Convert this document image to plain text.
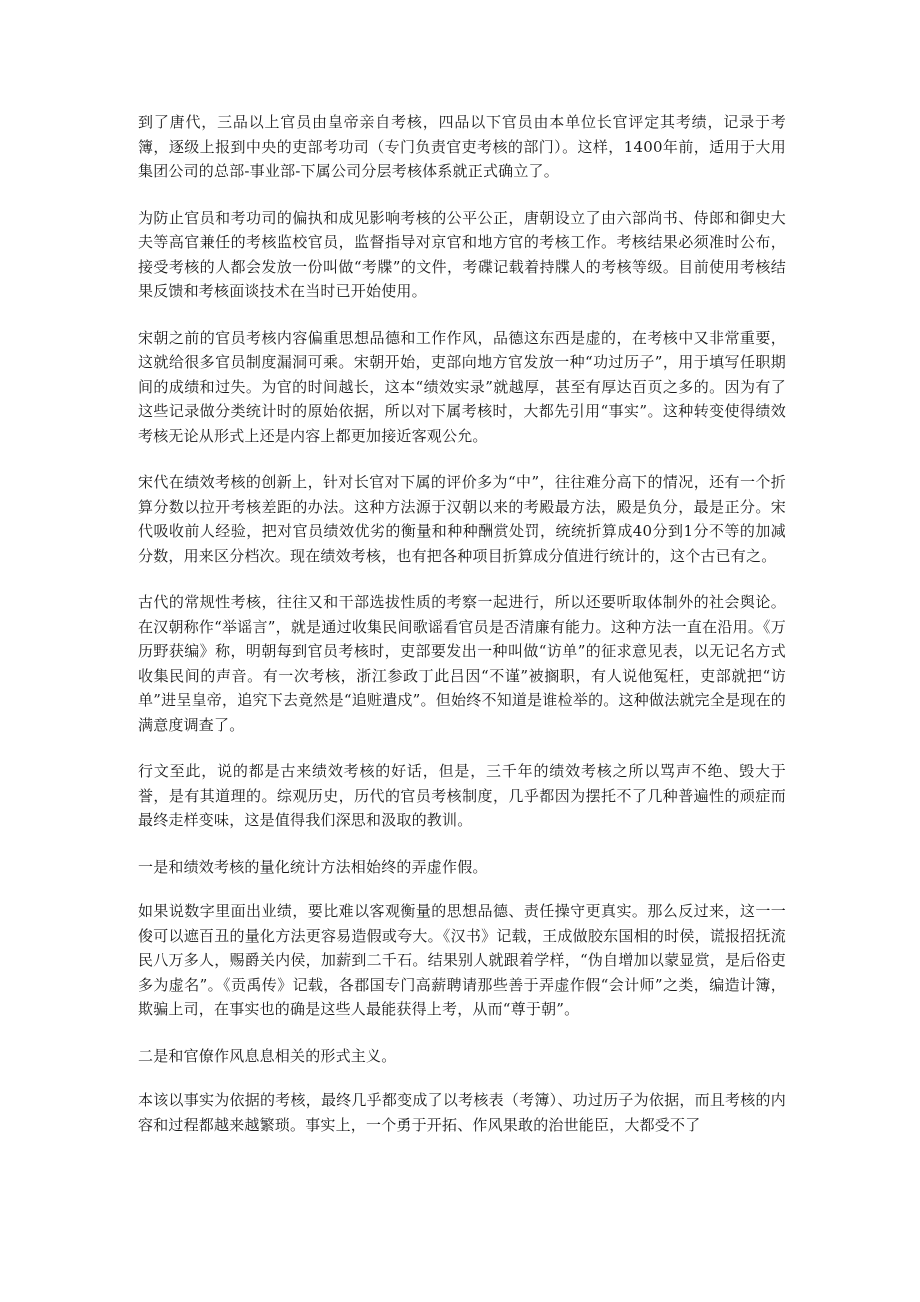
到了唐代，三品以上官员由皇帝亲自考核，四品以下官员由本单位长官评定其考绩，记录于考簿，逐级上报到中央的吏部考功司（专门负责官吏考核的部门）。这样，1400年前，适用于大用集团公司的总部-事业部-下属公司分层考核体系就正式确立了。

为防止官员和考功司的偏执和成见影响考核的公平公正，唐朝设立了由六部尚书、侍郎和御史大夫等高官兼任的考核监校官员，监督指导对京官和地方官的考核工作。考核结果必须准时公布，接受考核的人都会发放一份叫做“考牒”的文件，考碟记载着持牒人的考核等级。目前使用考核结果反馈和考核面谈技术在当时已开始使用。

宋朝之前的官员考核内容偏重思想品德和工作作风，品德这东西是虚的，在考核中又非常重要，这就给很多官员制度漏洞可乘。宋朝开始，吏部向地方官发放一种“功过历子”，用于填写任职期间的成绩和过失。为官的时间越长，这本“绩效实录”就越厚，甚至有厚达百页之多的。因为有了这些记录做分类统计时的原始依据，所以对下属考核时，大都先引用“事实”。这种转变使得绩效考核无论从形式上还是内容上都更加接近客观公允。

宋代在绩效考核的创新上，针对长官对下属的评价多为“中”，往往难分高下的情况，还有一个折算分数以拉开考核差距的办法。这种方法源于汉朝以来的考殿最方法，殿是负分，最是正分。宋代吸收前人经验，把对官员绩效优劣的衡量和种种酬赏处罚，统统折算成40分到1分不等的加减分数，用来区分档次。现在绩效考核，也有把各种项目折算成分值进行统计的，这个古已有之。

古代的常规性考核，往往又和干部选拔性质的考察一起进行，所以还要听取体制外的社会舆论。在汉朝称作“举谣言”，就是通过收集民间歌谣看官员是否清廉有能力。这种方法一直在沿用。《万历野获编》称，明朝每到官员考核时，吏部要发出一种叫做“访单”的征求意见表，以无记名方式收集民间的声音。有一次考核，浙江参政丁此吕因“不谨”被搁职，有人说他冤枉，吏部就把“访单”进呈皇帝，追究下去竟然是“追赃遣戍”。但始终不知道是谁检举的。这种做法就完全是现在的满意度调查了。

行文至此，说的都是古来绩效考核的好话，但是，三千年的绩效考核之所以骂声不绝、毁大于誉，是有其道理的。综观历史，历代的官员考核制度，几乎都因为摆托不了几种普遍性的顽症而最终走样变味，这是值得我们深思和汲取的教训。

一是和绩效考核的量化统计方法相始终的弄虚作假。

如果说数字里面出业绩，要比难以客观衡量的思想品德、责任操守更真实。那么反过来，这一一俊可以遮百丑的量化方法更容易造假或夸大。《汉书》记载，王成做胶东国相的时侯，谎报招抚流民八万多人，赐爵关内侯，加薪到二千石。结果别人就跟着学样，“伪自增加以蒙显赏，是后俗吏多为虚名”。《贡禹传》记载，各郡国专门高薪聘请那些善于弄虚作假“会计师”之类，编造计簿，欺骗上司，在事实也的确是这些人最能获得上考，从而“尊于朝”。

二是和官僚作风息息相关的形式主义。

本该以事实为依据的考核，最终几乎都变成了以考核表（考簿）、功过历子为依据，而且考核的内容和过程都越来越繁琐。事实上，一个勇于开拓、作风果敢的治世能臣，大都受不了
